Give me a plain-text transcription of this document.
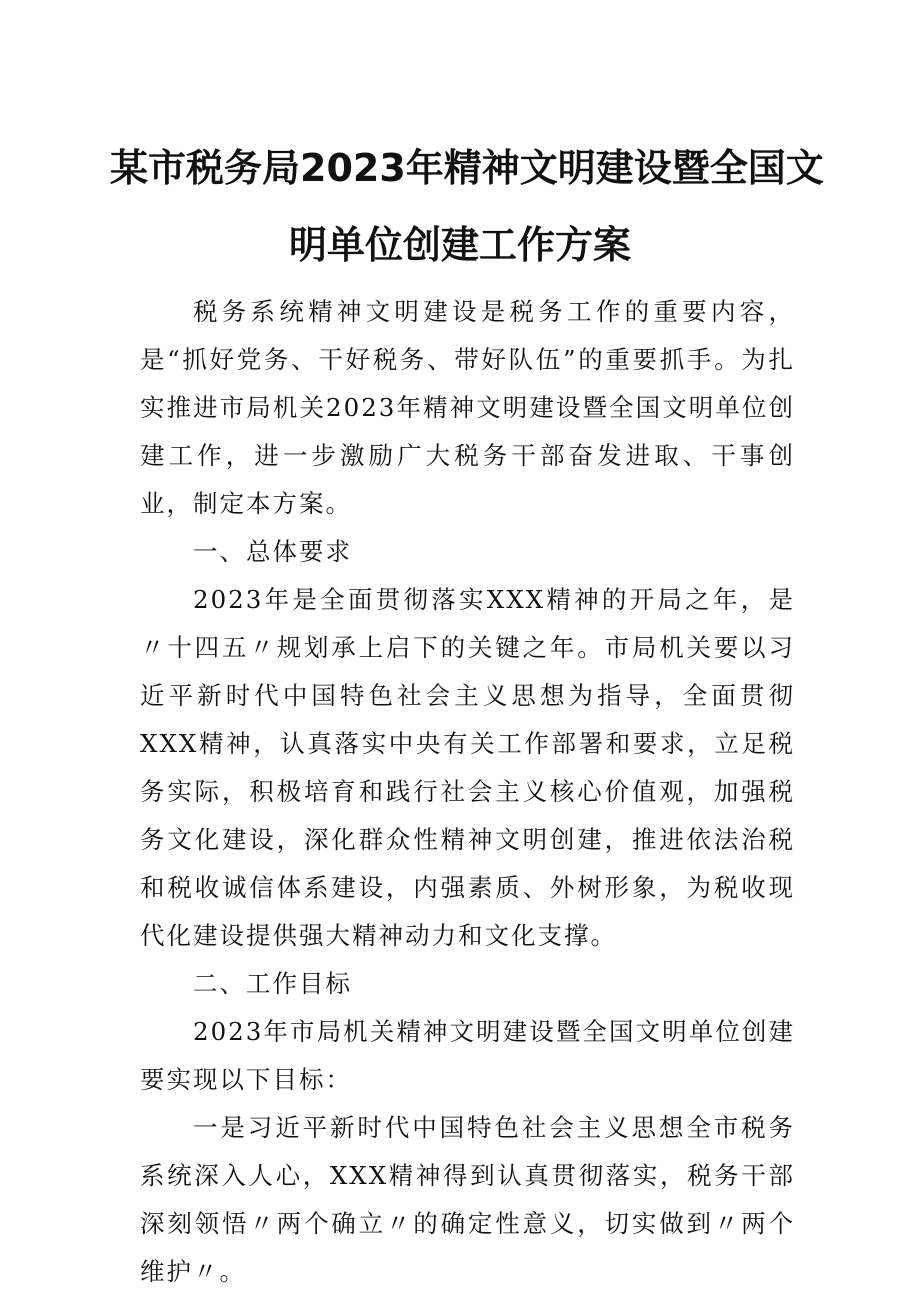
某市税务局2023年精神文明建设暨全国文
明单位创建工作方案

税务系统精神文明建设是税务工作的重要内容，是“抓好党务、干好税务、带好队伍”的重要抓手。为扎实推进市局机关2023年精神文明建设暨全国文明单位创建工作，进一步激励广大税务干部奋发进取、干事创业，制定本方案。

一、总体要求

2023年是全面贯彻落实XXX精神的开局之年，是〃十四五〃规划承上启下的关键之年。市局机关要以习近平新时代中国特色社会主义思想为指导，全面贯彻XXX精神，认真落实中央有关工作部署和要求，立足税务实际，积极培育和践行社会主义核心价值观，加强税务文化建设，深化群众性精神文明创建，推进依法治税和税收诚信体系建设，内强素质、外树形象，为税收现代化建设提供强大精神动力和文化支撑。

二、工作目标

2023年市局机关精神文明建设暨全国文明单位创建要实现以下目标：

一是习近平新时代中国特色社会主义思想全市税务系统深入人心，XXX精神得到认真贯彻落实，税务干部深刻领悟〃两个确立〃的确定性意义，切实做到〃两个维护〃。
